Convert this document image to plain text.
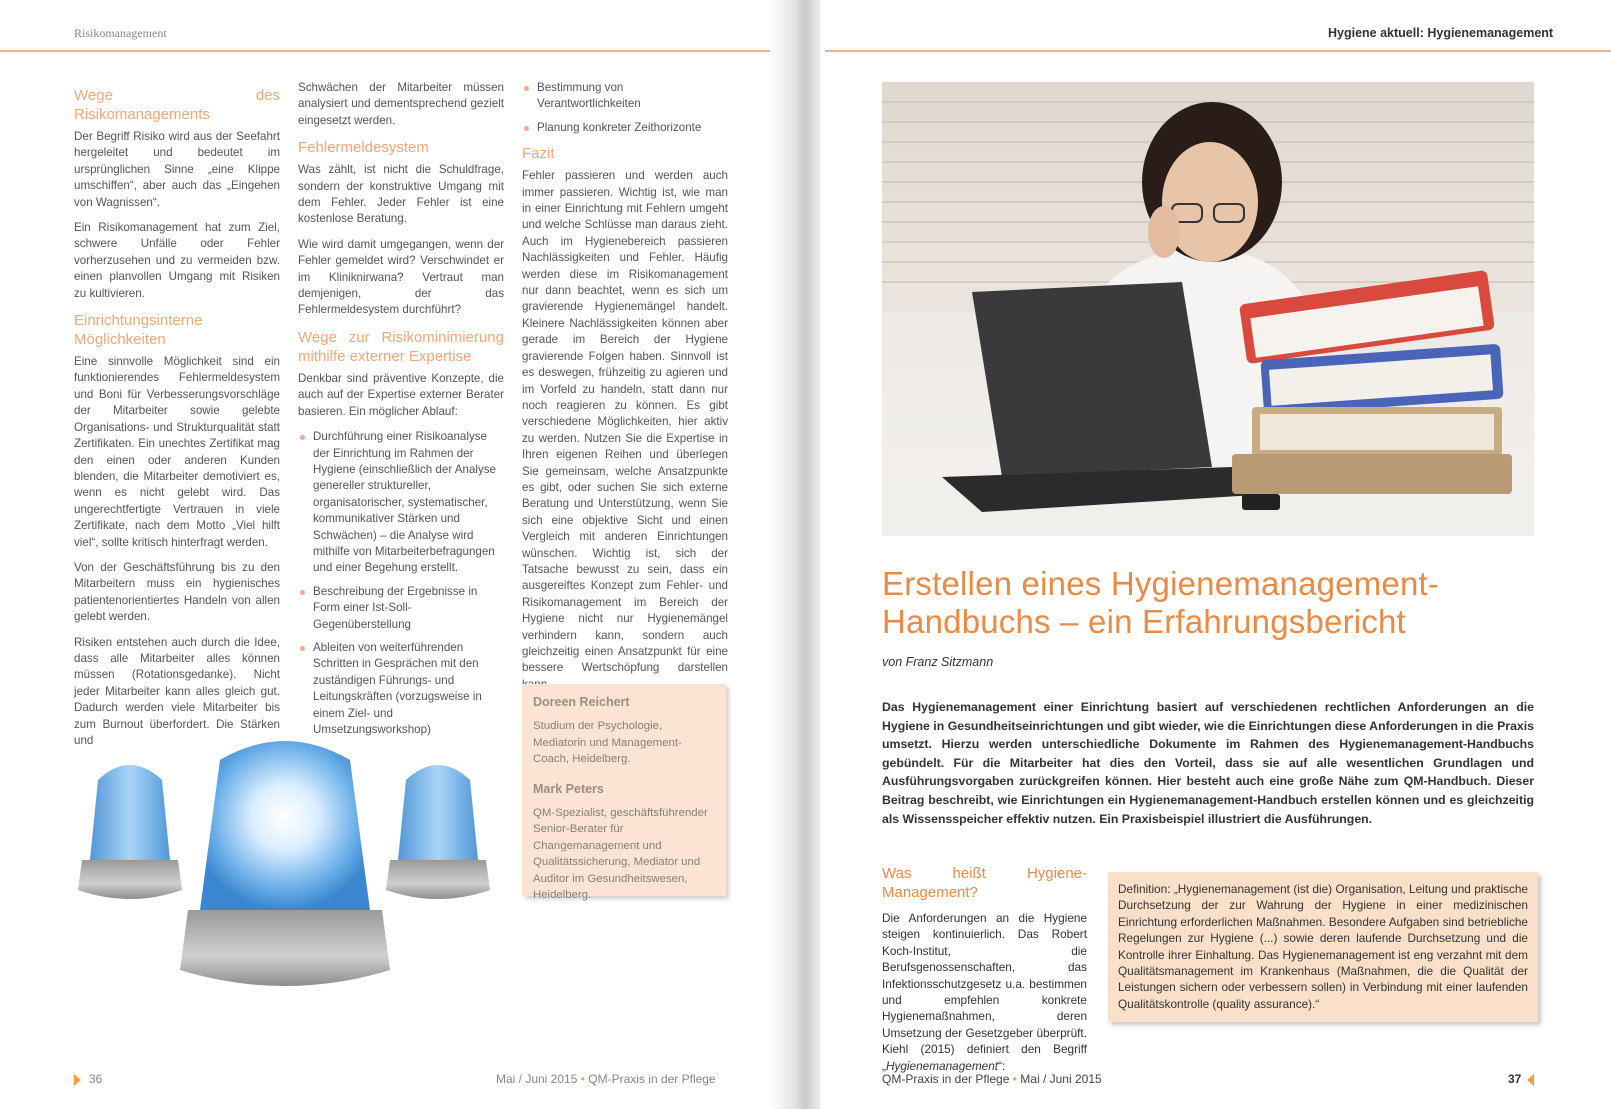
Risikomanagement
Wege des Risikomanagements

Der Begriff Risiko wird aus der Seefahrt hergeleitet und bedeutet im ursprünglichen Sinne „eine Klippe umschiffen“, aber auch das „Eingehen von Wagnissen“.

Ein Risikomanagement hat zum Ziel, schwere Unfälle oder Fehler vorherzusehen und zu vermeiden bzw. einen planvollen Umgang mit Risiken zu kultivieren.

Einrichtungsinterne Möglichkeiten

Eine sinnvolle Möglichkeit sind ein funktionierendes Fehlermeldesystem und Boni für Verbesserungsvorschläge der Mitarbeiter sowie gelebte Organisations- und Strukturqualität statt Zertifikaten. Ein unechtes Zertifikat mag den einen oder anderen Kunden blenden, die Mitarbeiter demotiviert es, wenn es nicht gelebt wird. Das ungerechtfertigte Vertrauen in viele Zertifikate, nach dem Motto „Viel hilft viel“, sollte kritisch hinterfragt werden.

Von der Geschäftsführung bis zu den Mitarbeitern muss ein hygienisches patientenorientiertes Handeln von allen gelebt werden.

Risiken entstehen auch durch die Idee, dass alle Mitarbeiter alles können müssen (Rotationsgedanke). Nicht jeder Mitarbeiter kann alles gleich gut. Dadurch werden viele Mitarbeiter bis zum Burnout überfordert. Die Stärken und

Schwächen der Mitarbeiter müssen analysiert und dementsprechend gezielt eingesetzt werden.

Fehlermeldesystem

Was zählt, ist nicht die Schuldfrage, sondern der konstruktive Umgang mit dem Fehler. Jeder Fehler ist eine kostenlose Beratung.

Wie wird damit umgegangen, wenn der Fehler gemeldet wird? Verschwindet er im Kliniknirwana? Vertraut man demjenigen, der das Fehlermeldesystem durchführt?

Wege zur Risikominimierung mithilfe externer Expertise

Denkbar sind präventive Konzepte, die auch auf der Expertise externer Berater basieren. Ein möglicher Ablauf:

Durchführung einer Risikoanalyse der Einrichtung im Rahmen der Hygiene (einschließlich der Analyse genereller struktureller, organisatorischer, systematischer, kommunikativer Stärken und Schwächen) – die Analyse wird mithilfe von Mitarbeiterbefragungen und einer Begehung erstellt.
Beschreibung der Ergebnisse in Form einer Ist-Soll-Gegenüberstellung
Ableiten von weiterführenden Schritten in Gesprächen mit den zuständigen Führungs- und Leitungskräften (vorzugsweise in einem Ziel- und Umsetzungsworkshop)
Bestimmung von Verantwortlichkeiten
Planung konkreter Zeithorizonte
Fazit

Fehler passieren und werden auch immer passieren. Wichtig ist, wie man in einer Einrichtung mit Fehlern umgeht und welche Schlüsse man daraus zieht. Auch im Hygienebereich passieren Nachlässigkeiten und Fehler. Häufig werden diese im Risikomanagement nur dann beachtet, wenn es sich um gravierende Hygienemängel handelt. Kleinere Nachlässigkeiten können aber gerade im Bereich der Hygiene gravierende Folgen haben. Sinnvoll ist es deswegen, frühzeitig zu agieren und im Vorfeld zu handeln, statt dann nur noch reagieren zu können. Es gibt verschiedene Möglichkeiten, hier aktiv zu werden. Nutzen Sie die Expertise in Ihren eigenen Reihen und überlegen Sie gemeinsam, welche Ansatzpunkte es gibt, oder suchen Sie sich externe Beratung und Unterstützung, wenn Sie sich eine objektive Sicht und einen Vergleich mit anderen Einrichtungen wünschen. Wichtig ist, sich der Tatsache bewusst zu sein, dass ein ausgereiftes Konzept zum Fehler- und Risikomanagement im Bereich der Hygiene nicht nur Hygienemängel verhindern kann, sondern auch gleichzeitig einen Ansatzpunkt für eine bessere Wertschöpfung darstellen

Doreen Reichert
Studium der Psychologie, Mediatorin und Management-Coach, Heidelberg.
Mark Peters
QM-Spezialist, geschäftsführender Senior-Berater für Changemanagement und Qualitätssicherung, Mediator und Auditor im Gesundheitswesen, Heidelberg.
36	Mai / Juni 2015 • QM-Praxis in der Pflege
Hygiene aktuell: Hygienemanagement
Erstellen eines Hygienemanagement-
Handbuchs – ein Erfahrungsbericht
von Franz Sitzmann
Das Hygienemanagement einer Einrichtung basiert auf verschiedenen rechtlichen Anforderungen an die Hygiene in Gesundheitseinrichtungen und gibt wieder, wie die Einrichtungen diese Anforderungen in die Praxis umsetzt. Hierzu werden unterschiedliche Dokumente im Rahmen des Hygienemanagement-Handbuchs gebündelt. Für die Mitarbeiter hat dies den Vorteil, dass sie auf alle wesentlichen Grundlagen und Ausführungsvorgaben zurückgreifen können. Hier besteht auch eine große Nähe zum QM-Handbuch. Dieser Beitrag beschreibt, wie Einrichtungen ein Hygienemanagement-Handbuch erstellen können und es gleichzeitig als Wissensspeicher effektiv nutzen. Ein Praxisbeispiel illustriert die Ausführungen.
Was heißt Hygiene-Management?
Die Anforderungen an die Hygiene steigen kontinuierlich. Das Robert Koch-Institut, die Berufsgenossenschaften, das Infektionsschutzgesetz u.a. bestimmen und empfehlen konkrete Hygienemaßnahmen, deren Umsetzung der Gesetzgeber überprüft. Kiehl (2015) definiert den Begriff „Hygienemanagement“:
Definition: „Hygienemanagement (ist die) Organisation, Leitung und praktische Durchsetzung der zur Wahrung der Hygiene in einer medizinischen Einrichtung erforderlichen Maßnahmen. Besondere Aufgaben sind betriebliche Regelungen zur Hygiene (...) sowie deren laufende Durchsetzung und die Kontrolle ihrer Einhaltung. Das Hygienemanagement ist eng verzahnt mit dem Qualitätsmanagement im Krankenhaus (Maßnahmen, die die Qualität der Leistungen sichern oder verbessern sollen) in Verbindung mit einer laufenden Qualitätskontrolle (quality assurance).“
QM-Praxis in der Pflege • Mai / Juni 2015	37
